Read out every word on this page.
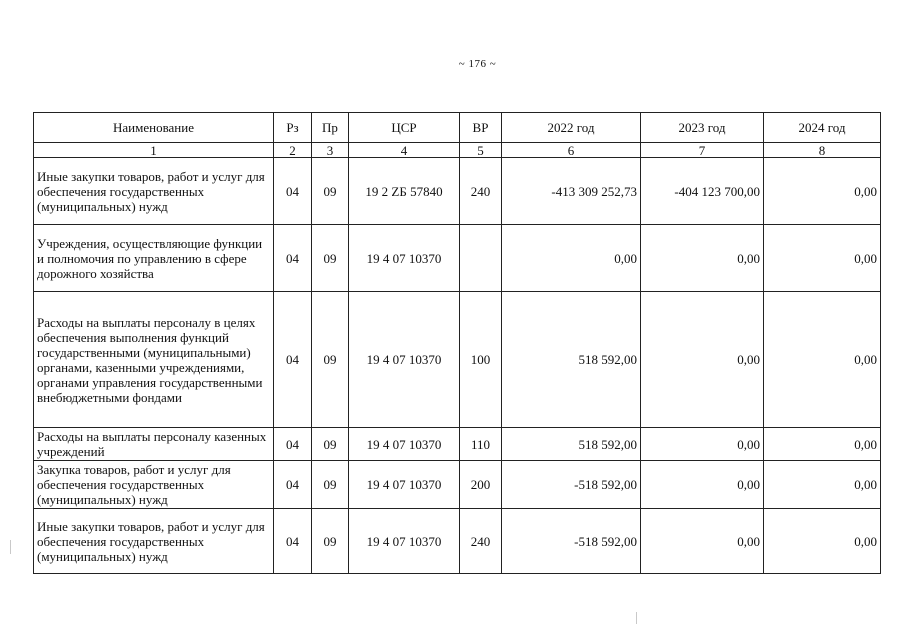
~ 176 ~
Наименование	Рз	Пр	ЦСР	ВР	2022 год	2023 год	2024 год
1	2	3	4	5	6	7	8
Иные закупки товаров, работ и услуг для обеспечения государственных (муниципальных) нужд	04	09	19 2 ZБ 57840	240	-413 309 252,73	-404 123 700,00	0,00
Учреждения, осуществляющие функции и полномочия по управлению в сфере дорожного хозяйства	04	09	19 4 07 10370		0,00	0,00	0,00
Расходы на выплаты персоналу в целях обеспечения выполнения функций государственными (муниципальными) органами, казенными учреждениями, органами управления государственными внебюджетными фондами	04	09	19 4 07 10370	100	518 592,00	0,00	0,00
Расходы на выплаты персоналу казенных учреждений	04	09	19 4 07 10370	110	518 592,00	0,00	0,00
Закупка товаров, работ и услуг для обеспечения государственных (муниципальных) нужд	04	09	19 4 07 10370	200	-518 592,00	0,00	0,00
Иные закупки товаров, работ и услуг для обеспечения государственных (муниципальных) нужд	04	09	19 4 07 10370	240	-518 592,00	0,00	0,00
